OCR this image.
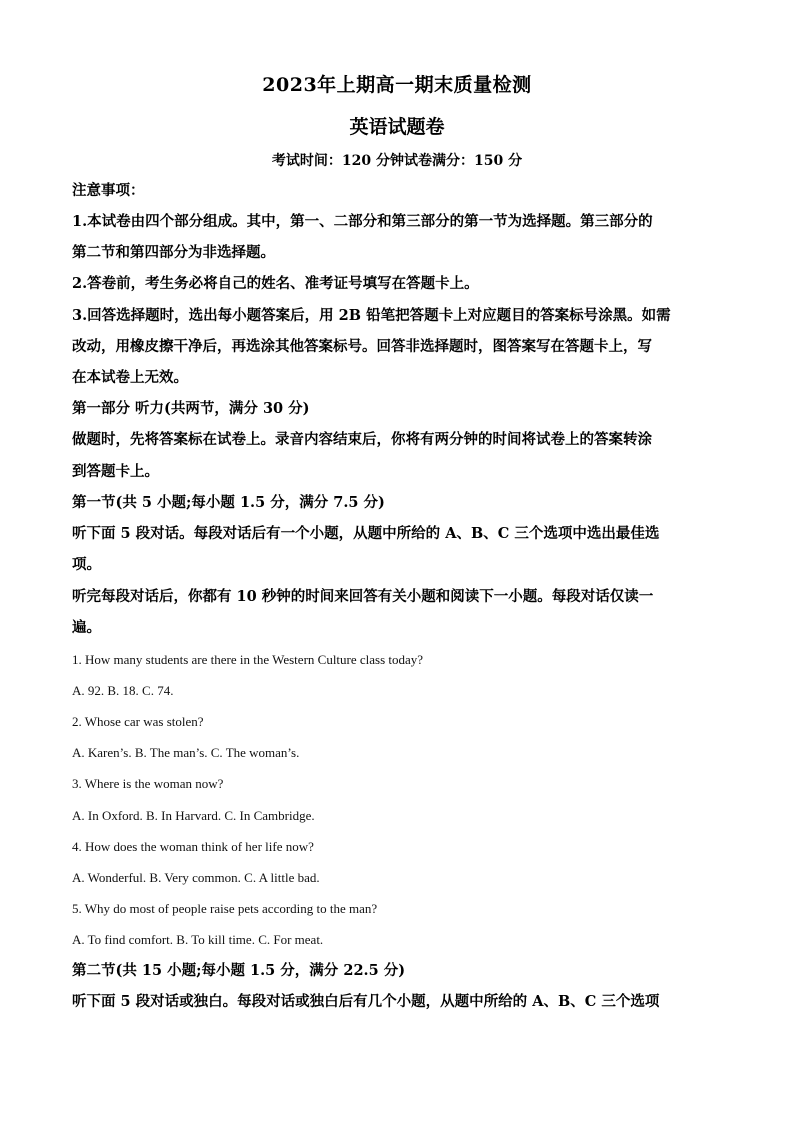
2023年上期高一期末质量检测
英语试题卷
考试时间：120 分钟试卷满分：150 分
注意事项：
1.本试卷由四个部分组成。其中，第一、二部分和第三部分的第一节为选择题。第三部分的
第二节和第四部分为非选择题。
2.答卷前，考生务必将自己的姓名、准考证号填写在答题卡上。
3.回答选择题时，选出每小题答案后，用 2B 铅笔把答题卡上对应题目的答案标号涂黑。如需
改动，用橡皮擦干净后，再选涂其他答案标号。回答非选择题时，图答案写在答题卡上，写
在本试卷上无效。
第一部分 听力(共两节，满分 30 分)
做题时，先将答案标在试卷上。录音内容结束后，你将有两分钟的时间将试卷上的答案转涂
到答题卡上。
第一节(共 5 小题;每小题 1.5 分，满分 7.5 分)
听下面 5 段对话。每段对话后有一个小题，从题中所给的 A、B、C 三个选项中选出最佳选
项。
听完每段对话后，你都有 10 秒钟的时间来回答有关小题和阅读下一小题。每段对话仅读一
遍。
1. How many students are there in the Western Culture class today?
A. 92. B. 18. C. 74.
2. Whose car was stolen?
A. Karen’s. B. The man’s. C. The woman’s.
3. Where is the woman now?
A. In Oxford. B. In Harvard. C. In Cambridge.
4. How does the woman think of her life now?
A. Wonderful. B. Very common. C. A little bad.
5. Why do most of people raise pets according to the man?
A. To find comfort. B. To kill time. C. For meat.
第二节(共 15 小题;每小题 1.5 分，满分 22.5 分)
听下面 5 段对话或独白。每段对话或独白后有几个小题，从题中所给的 A、B、C 三个选项
